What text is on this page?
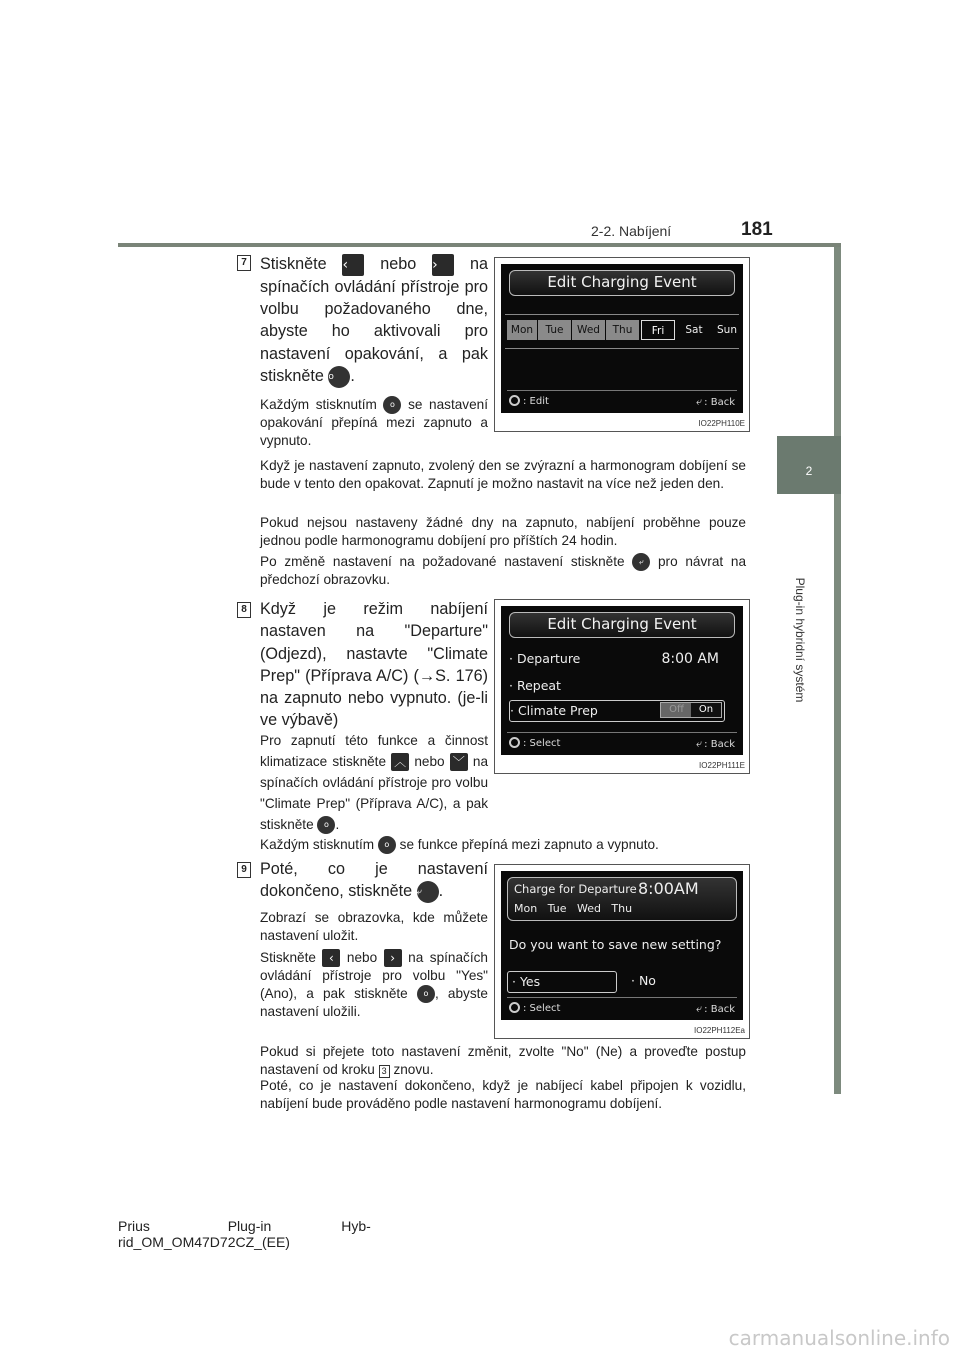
2-2. Nabíjení	181
2
Plug-in hybridní systém
7 Stiskněte ‹ nebo › na spínačích ovládání přístroje pro volbu požadovaného dne, abyste ho aktivovali pro nastavení opakování, a pak stiskněte o .
Každým stisknutím o se nastavení opakování přepíná mezi zapnuto a vypnuto.
Když je nastavení zapnuto, zvolený den se zvýrazní a harmonogram dobíjení se bude v tento den opakovat. Zapnutí je možno nastavit na více než jeden den.
Pokud nejsou nastaveny žádné dny na zapnuto, nabíjení proběhne pouze jednou podle harmonogramu dobíjení pro příštích 24 hodin.
Po změně nastavení na požadované nastavení stiskněte ⤶ pro návrat na předchozí obrazovku.
Edit Charging Event
Mon	Tue	Wed	Thu	Fri	Sat	Sun
: Edit	⤶ : Back
IO22PH110E
8 Když je režim nabíjení nastaven na "Departure" (Odjezd), nastavte "Climate Prep" (Příprava A/C) (→S. 176) na zapnuto nebo vypnuto. (je-li ve výbavě)
Pro zapnutí této funkce a činnost klimatizace stiskněte ︿ nebo ﹀ na spínačích ovládání přístroje pro volbu "Climate Prep" (Příprava A/C), a pak stiskněte o .
Každým stisknutím o se funkce přepíná mezi zapnuto a vypnuto.
Edit Charging Event
· Departure	8:00 AM
· Repeat
· Climate Prep	Off	On
: Select	⤶ : Back
IO22PH111E
9 Poté, co je nastavení dokončeno, stiskněte ⤶ .
Zobrazí se obrazovka, kde můžete nastavení uložit.
Stiskněte ‹ nebo › na spínačích ovládání přístroje pro volbu "Yes" (Ano), a pak stiskněte o , abyste nastavení uložili.
Pokud si přejete toto nastavení změnit, zvolte "No" (Ne) a proveďte postup nastavení od kroku 3 znovu.
Poté, co je nastavení dokončeno, když je nabíjecí kabel připojen k vozidlu, nabíjení bude prováděno podle nastavení harmonogramu dobíjení.
Charge for Departure 8:00AM
Mon   Tue   Wed   Thu
Do you want to save new setting?
· Yes	· No
: Select	⤶ : Back
IO22PH112Ea
Prius                    Plug-in                  Hyb-
rid_OM_OM47D72CZ_(EE)
carmanualsonline.info
